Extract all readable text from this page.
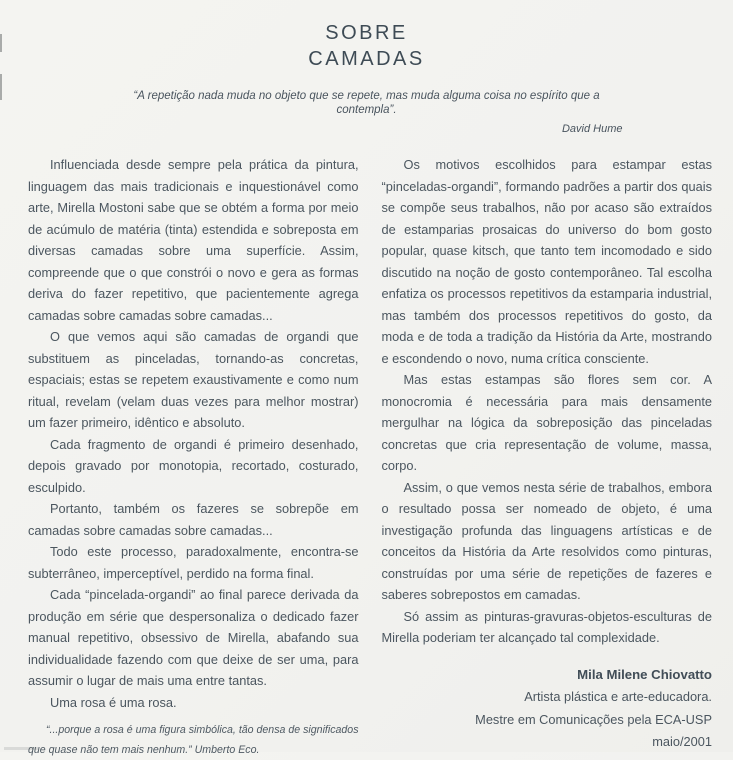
SOBRE
CAMADAS
“A repetição nada muda no objeto que se repete, mas muda alguma coisa no espírito que a contempla”.
David Hume

Influenciada desde sempre pela prática da pintura, linguagem das mais tradicionais e inquestionável como arte, Mirella Mostoni sabe que se obtém a forma por meio de acúmulo de matéria (tinta) estendida e sobreposta em diversas camadas sobre uma superfície. Assim, compreende que o que constrói o novo e gera as formas deriva do fazer repetitivo, que pacientemente agrega camadas sobre camadas sobre camadas...

O que vemos aqui são camadas de organdi que substituem as pinceladas, tornando-as concretas, espaciais; estas se repetem exaustivamente e como num ritual, revelam (velam duas vezes para melhor mostrar) um fazer primeiro, idêntico e absoluto.

Cada fragmento de organdi é primeiro desenhado, depois gravado por monotopia, recortado, costurado, esculpido.

Portanto, também os fazeres se sobrepõe em camadas sobre camadas sobre camadas...

Todo este processo, paradoxalmente, encontra-se subterrâneo, imperceptível, perdido na forma final.

Cada “pincelada-organdi” ao final parece derivada da produção em série que despersonaliza o dedicado fazer manual repetitivo, obsessivo de Mirella, abafando sua individualidade fazendo com que deixe de ser uma, para assumir o lugar de mais uma entre tantas.

Uma rosa é uma rosa.

“...porque a rosa é uma figura simbólica, tão densa de significados que quase não tem mais nenhum.” Umberto Eco.

Os motivos escolhidos para estampar estas “pinceladas-organdi”, formando padrões a partir dos quais se compõe seus trabalhos, não por acaso são extraídos de estamparias prosaicas do universo do bom gosto popular, quase kitsch, que tanto tem incomodado e sido discutido na noção de gosto contemporâneo. Tal escolha enfatiza os processos repetitivos da estamparia industrial, mas também dos processos repetitivos do gosto, da moda e de toda a tradição da História da Arte, mostrando e escondendo o novo, numa crítica consciente.

Mas estas estampas são flores sem cor. A monocromia é necessária para mais densamente mergulhar na lógica da sobreposição das pinceladas concretas que cria representação de volume, massa, corpo.

Assim, o que vemos nesta série de trabalhos, embora o resultado possa ser nomeado de objeto, é uma investigação profunda das linguagens artísticas e de conceitos da História da Arte resolvidos como pinturas, construídas por uma série de repetições de fazeres e saberes sobrepostos em camadas.

Só assim as pinturas-gravuras-objetos-esculturas de Mirella poderiam ter alcançado tal complexidade.

Mila Milene Chiovatto
Artista plástica e arte-educadora.
Mestre em Comunicações pela ECA-USP
maio/2001
